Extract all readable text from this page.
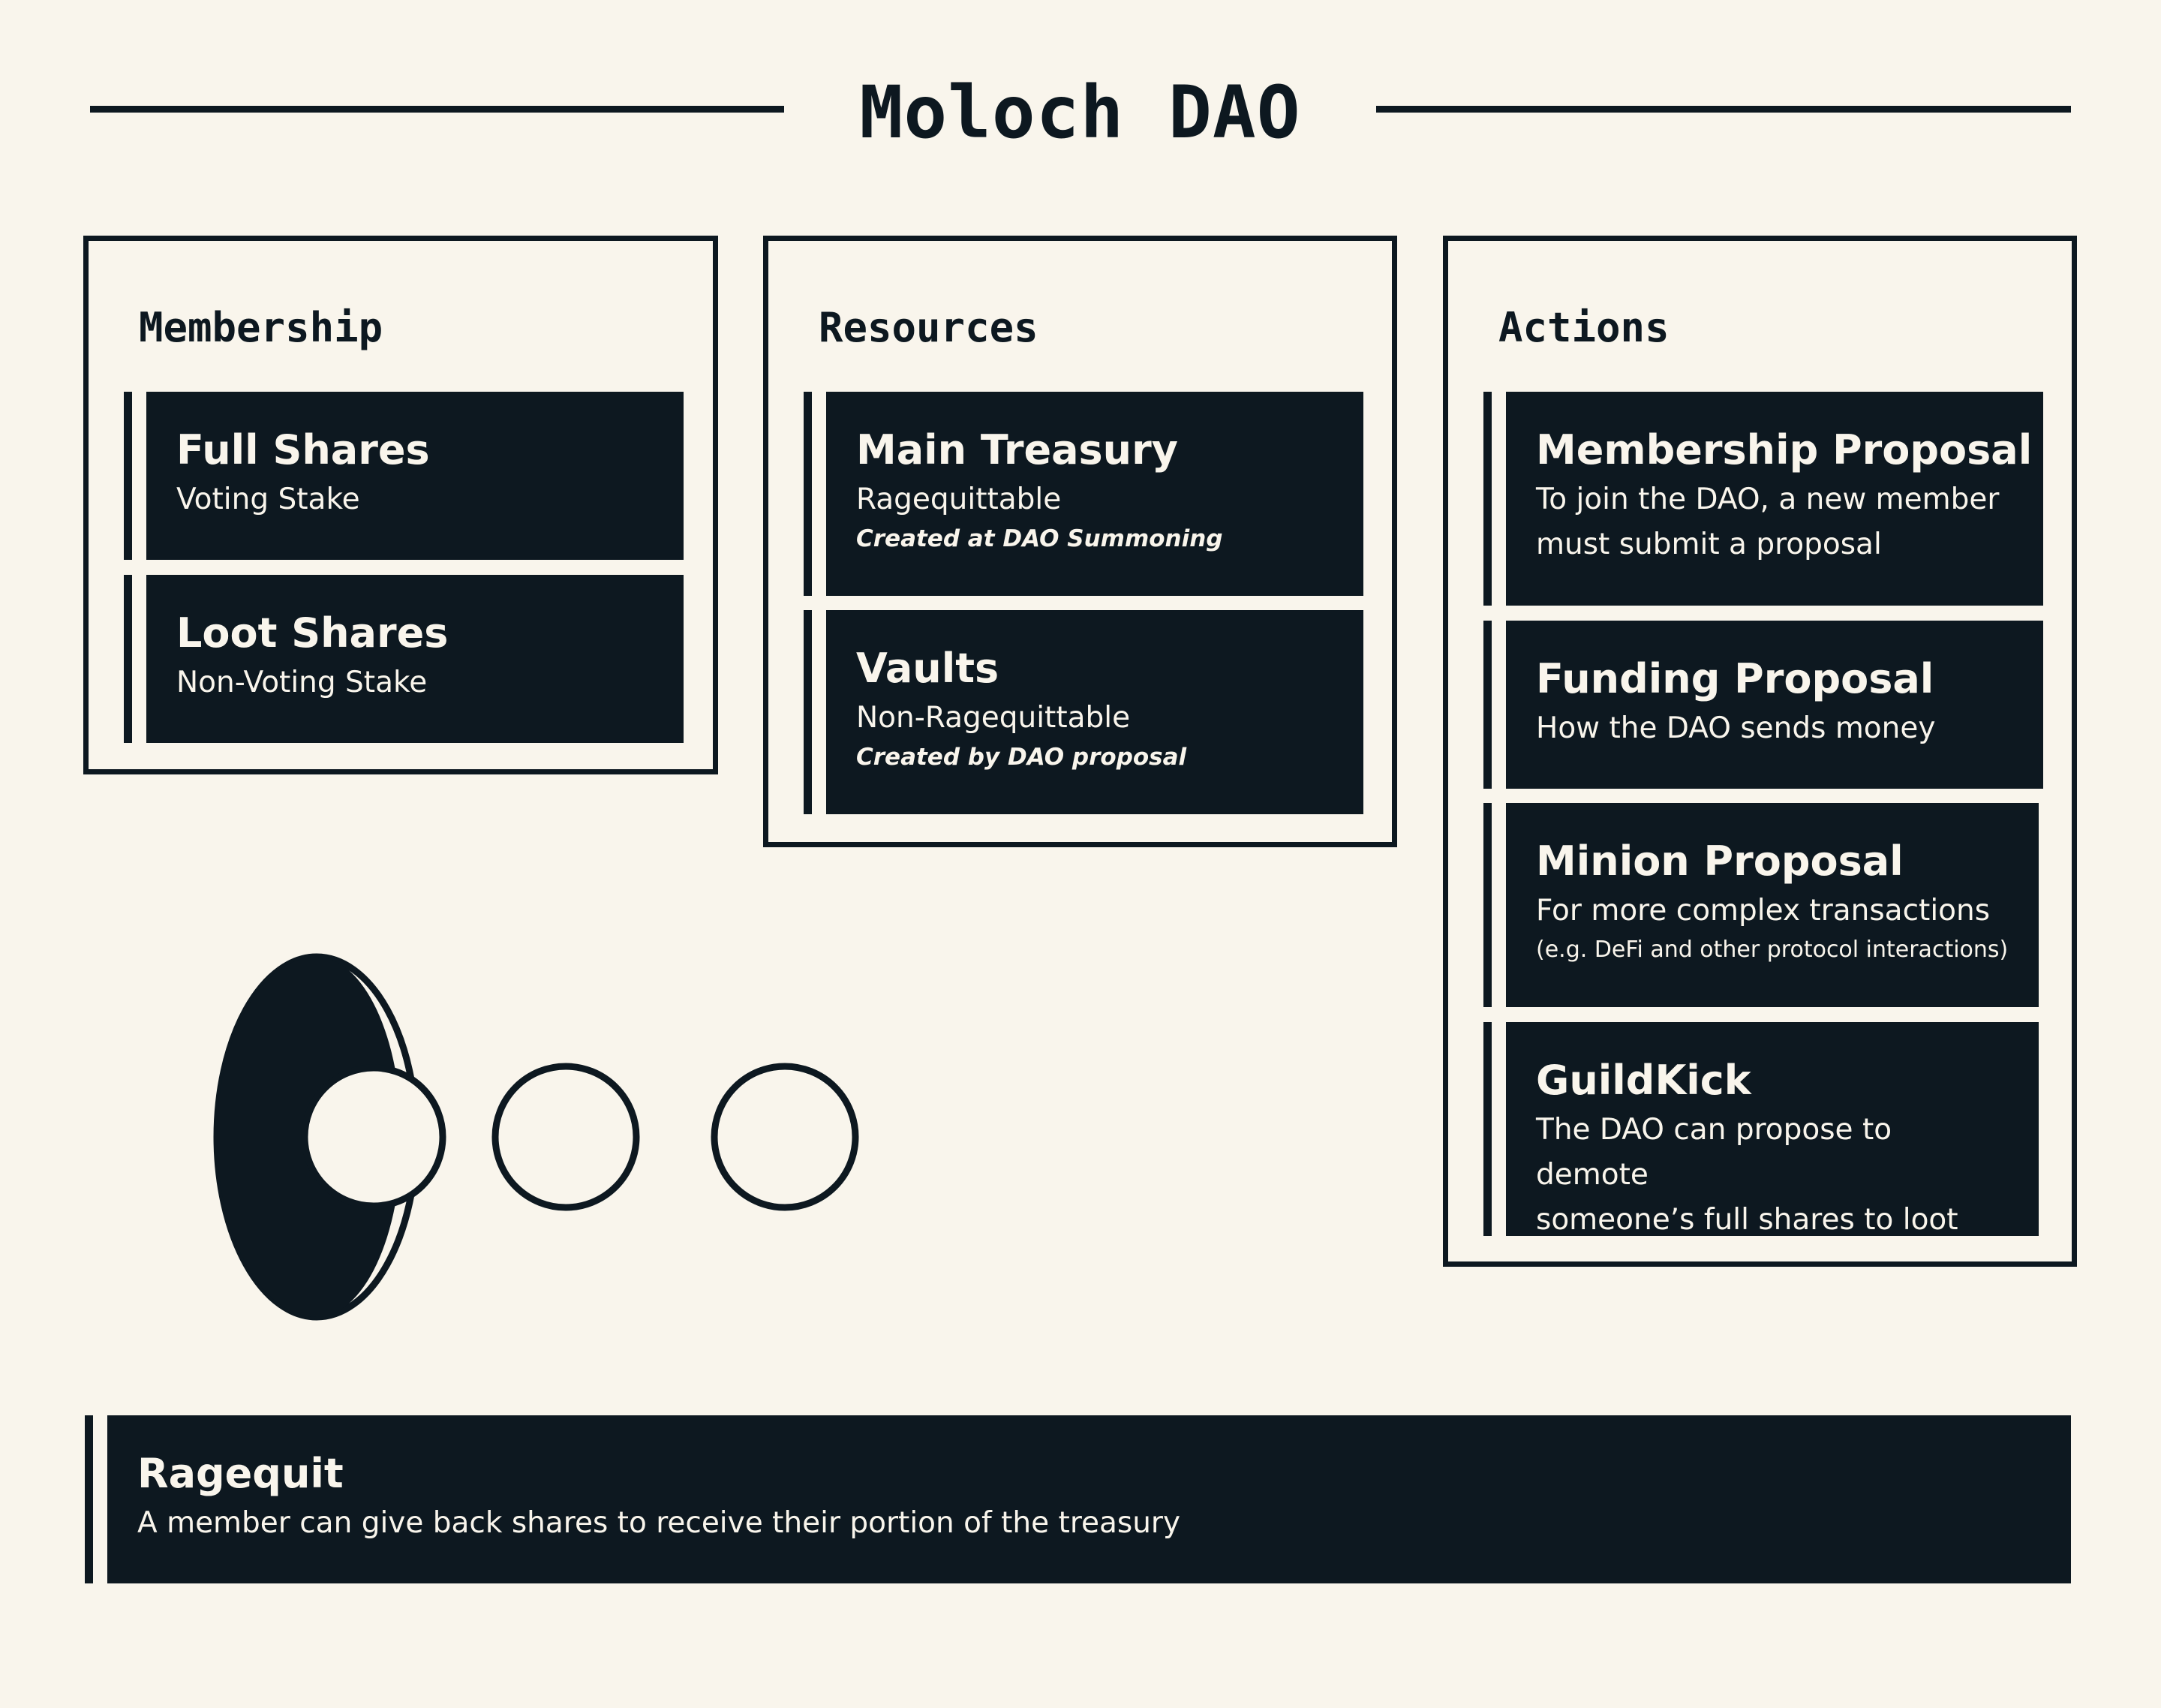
Moloch DAO
Membership
Full Shares
Voting Stake
Loot Shares
Non-Voting Stake
Resources
Main Treasury
Ragequittable
Created at DAO Summoning
Vaults
Non-Ragequittable
Created by DAO proposal
Actions
Membership Proposal
To join the DAO, a new member
must submit a proposal
Funding Proposal
How the DAO sends money
Minion Proposal
For more complex transactions
(e.g. DeFi and other protocol interactions)
GuildKick
The DAO can propose to demote
someone’s full shares to loot
Ragequit
A member can give back shares to receive their portion of the treasury
